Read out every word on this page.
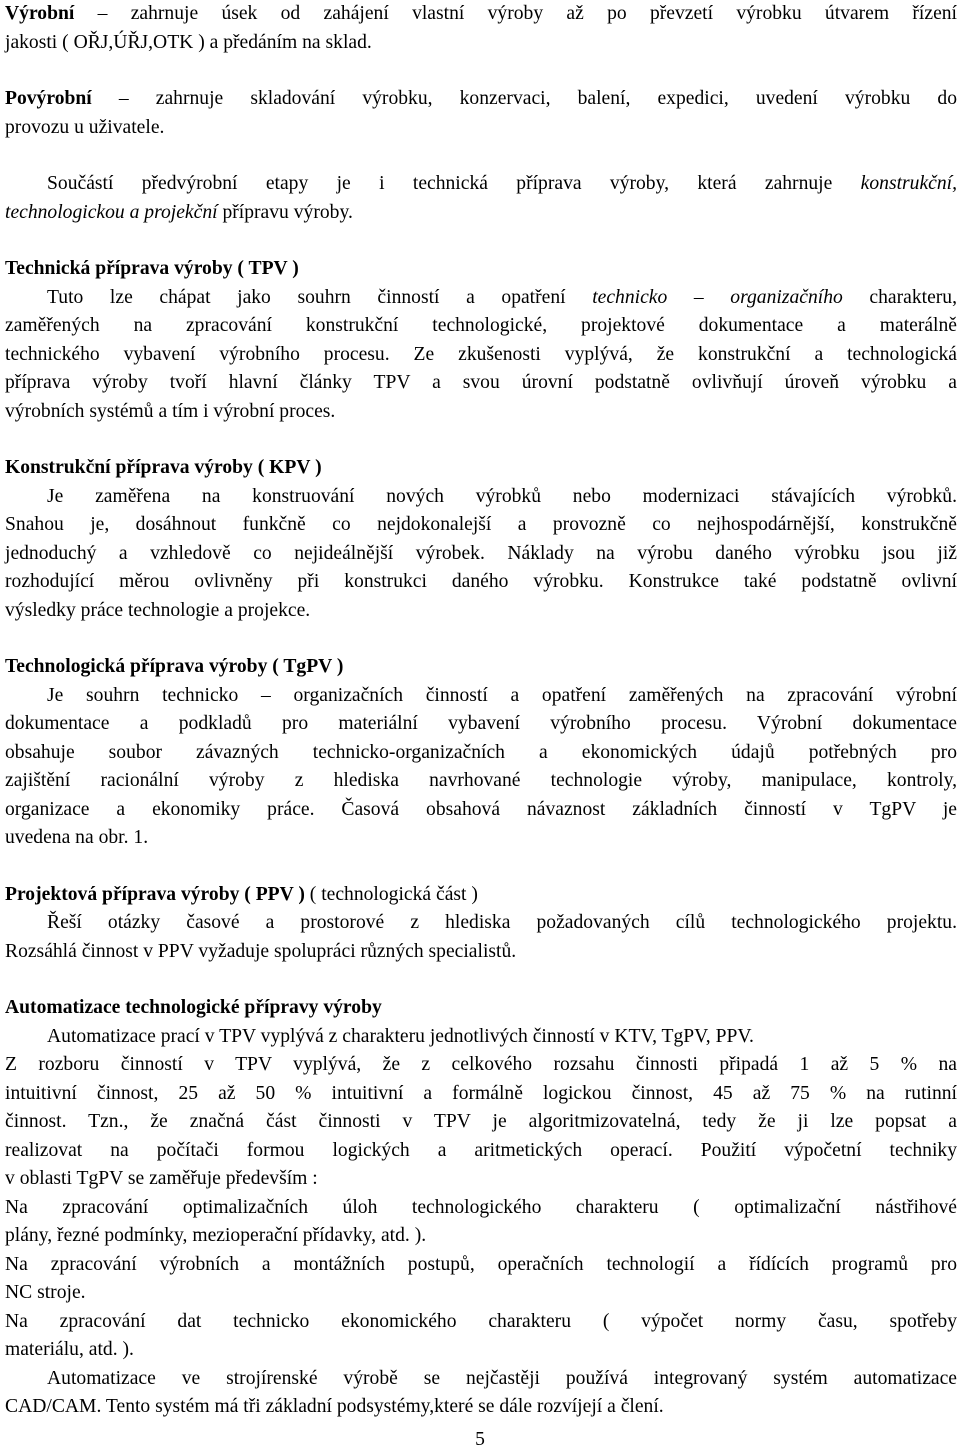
Výrobní – zahrnuje úsek od zahájení vlastní výroby až po převzetí výrobku útvarem řízení

jakosti ( OŘJ,ÚŘJ,OTK ) a předáním na sklad.

Povýrobní – zahrnuje skladování výrobku, konzervaci, balení, expedici, uvedení výrobku do

provozu u uživatele.

Součástí předvýrobní etapy je i technická příprava výroby, která zahrnuje konstrukční,

technologickou a projekční přípravu výroby.

Technická příprava výroby ( TPV )

Tuto lze chápat jako souhrn činností a opatření technicko – organizačního charakteru,

zaměřených na zpracování konstrukční technologické, projektové dokumentace a materálně

technického vybavení výrobního procesu. Ze zkušenosti vyplývá, že konstrukční a technologická

příprava výroby tvoří hlavní články TPV a svou úrovní podstatně ovlivňují úroveň výrobku a

výrobních systémů a tím i výrobní proces.

Konstrukční příprava výroby ( KPV )

Je zaměřena na konstruování nových výrobků nebo modernizaci stávajících výrobků.

Snahou je, dosáhnout funkčně co nejdokonalejší a provozně co nejhospodárnější, konstrukčně

jednoduchý a vzhledově co nejideálnější výrobek. Náklady na výrobu daného výrobku jsou již

rozhodující měrou ovlivněny při konstrukci daného výrobku. Konstrukce také podstatně ovlivní

výsledky práce technologie a projekce.

Technologická příprava výroby ( TgPV )

Je souhrn technicko – organizačních činností a opatření zaměřených na zpracování výrobní

dokumentace a podkladů pro materiální vybavení výrobního procesu. Výrobní dokumentace

obsahuje soubor závazných technicko-organizačních a ekonomických údajů potřebných pro

zajištění racionální výroby z hlediska navrhované technologie výroby, manipulace, kontroly,

organizace a ekonomiky práce. Časová obsahová návaznost základních činností v TgPV je

uvedena na obr. 1.

Projektová příprava výroby ( PPV ) ( technologická část )

Řeší otázky časové a prostorové z hlediska požadovaných cílů technologického projektu.

Rozsáhlá činnost v PPV vyžaduje spolupráci různých specialistů.

Automatizace technologické přípravy výroby

Automatizace prací v TPV vyplývá z charakteru jednotlivých činností v KTV, TgPV, PPV.

Z rozboru činností v TPV vyplývá, že z celkového rozsahu činnosti připadá 1 až 5 % na

intuitivní činnost, 25 až 50 % intuitivní a formálně logickou činnost, 45 až 75 % na rutinní

činnost. Tzn., že značná část činnosti v TPV je algoritmizovatelná, tedy že ji lze popsat a

realizovat na počítači formou logických a aritmetických operací. Použití výpočetní techniky

v oblasti TgPV se zaměřuje především :

Na zpracování optimalizačních úloh technologického charakteru ( optimalizační nástřihové

plány, řezné podmínky, mezioperační přídavky, atd. ).

Na zpracování výrobních a montážních postupů, operačních technologií a řídících programů pro

NC stroje.

Na zpracování dat technicko ekonomického charakteru ( výpočet normy času, spotřeby

materiálu, atd. ).

Automatizace ve strojírenské výrobě se nejčastěji používá integrovaný systém automatizace

CAD/CAM. Tento systém má tři základní podsystémy,které se dále rozvíjejí a člení.

5
